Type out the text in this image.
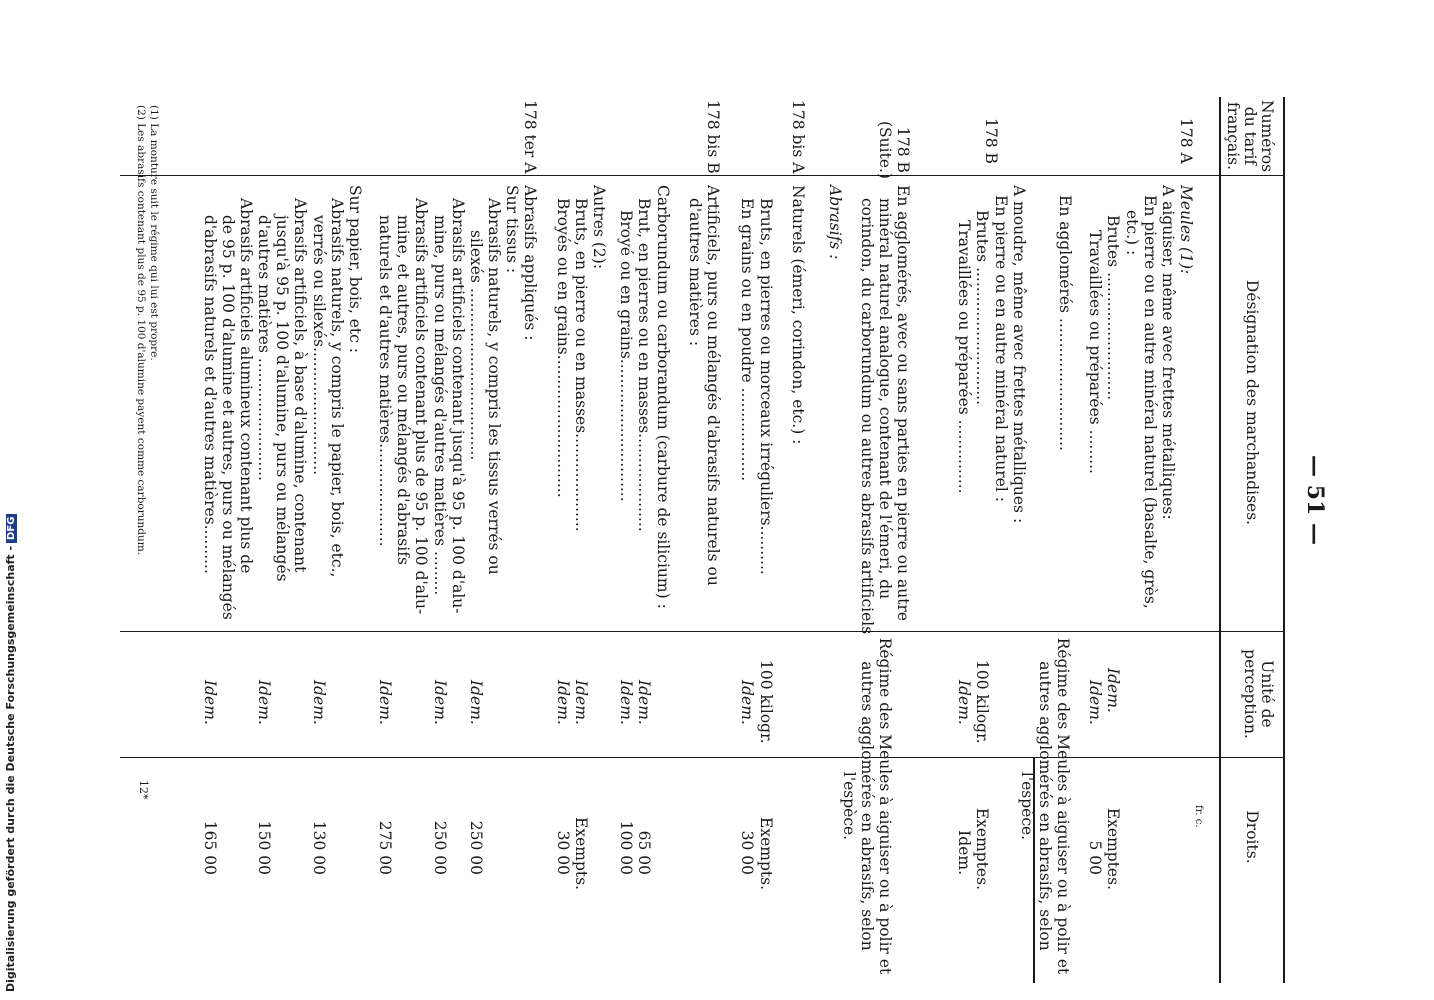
— 51 —
Numéros du tarif français.
Désignation des marchandises.
Unité de perception.
Droits.
fr. c.
178 A
178 B
178 B (Suite.)
178 bis A
178 bis B
178 ter A
Meules (1):
A aiguiser, même avec frettes métalliques:
En pierre ou en autre minéral naturel (basalte, grès,
etc.) :
Brutes ..........................
Travaillées ou préparées .........
En agglomérés ...........................
A moudre, même avec frettes métalliques :
En pierre ou en autre minéral naturel :
Brutes ............................
Travaillées ou préparées ...............
En agglomérés, avec ou sans parties en pierre ou autre
minéral naturel analogue, contenant de l'émeri, du
corindon, du carborundum ou autres abrasifs artificiels
Abrasifs :
Naturels (émeri, corindon, etc.) :
Bruts, en pierres ou morceaux irréguliers..........
En grains ou en poudre ...................
Artificiels, purs ou mélangés d'abrasifs naturels ou
d'autres matières :
Carborundum ou carborandum (carbure de silicium) :
Brut, en pierres ou en masses....................
Broyé ou en grains.............................
Autres (2):
Bruts, en pierre ou en masses....................
Broyés ou en grains.............................
Abrasifs appliqués :
Sur tissus :
Abrasifs naturels, y compris les tissus verrés ou
silexés ...................................
Abrasifs artificiels contenant jusqu'à 95 p. 100 d'alu-
mine, purs ou mélangés d'autres matières .........
Abrasifs artificiels contenant plus de 95 p. 100 d'alu-
mine, et autres, purs ou mélangés d'abrasifs
naturels et d'autres matières.....................
Sur papier, bois, etc :
Abrasifs naturels, y compris le papier, bois, etc.,
verrés ou silexés..........................
Abrasifs artificiels, à base d'alumine, contenant
jusqu'à 95 p. 100 d'alumine, purs ou mélangés
d'autres matières .........................
Abrasifs artificiels alumineux contenant plus de
de 95 p. 100 d'alumine et autres, purs ou mélangés
d'abrasifs naturels et d'autres matières..........
Idem.
Idem.
100 kilogr.
Idem.
100 kilogr.
Idem.
Idem.
Idem.
Idem.
Idem.
Idem.
Idem.
Idem.
Idem.
Idem.
Idem.	Régime des Meules à aiguiser ou à polir et autres agglomérés en abrasifs, selon l'espèce.
Régime des Meules à aiguiser ou à polir et autres agglomérés en abrasifs, selon l'espèce.
Exemptes.
5 00
Exemptes.
Idem.
Exempts.
30 00
65 00
100 00
Exempts.
30 00
250 00
250 00
275 00
130 00
150 00
165 00
(1) La monture suit le régime qui lui est propre.
(2) Les abrasifs contenant plus de 95 p. 100 d'alumine payent comme carborundum.
12*
Digitalisierung gefördert durch die Deutsche Forschungsgemeinschaft -DFG
